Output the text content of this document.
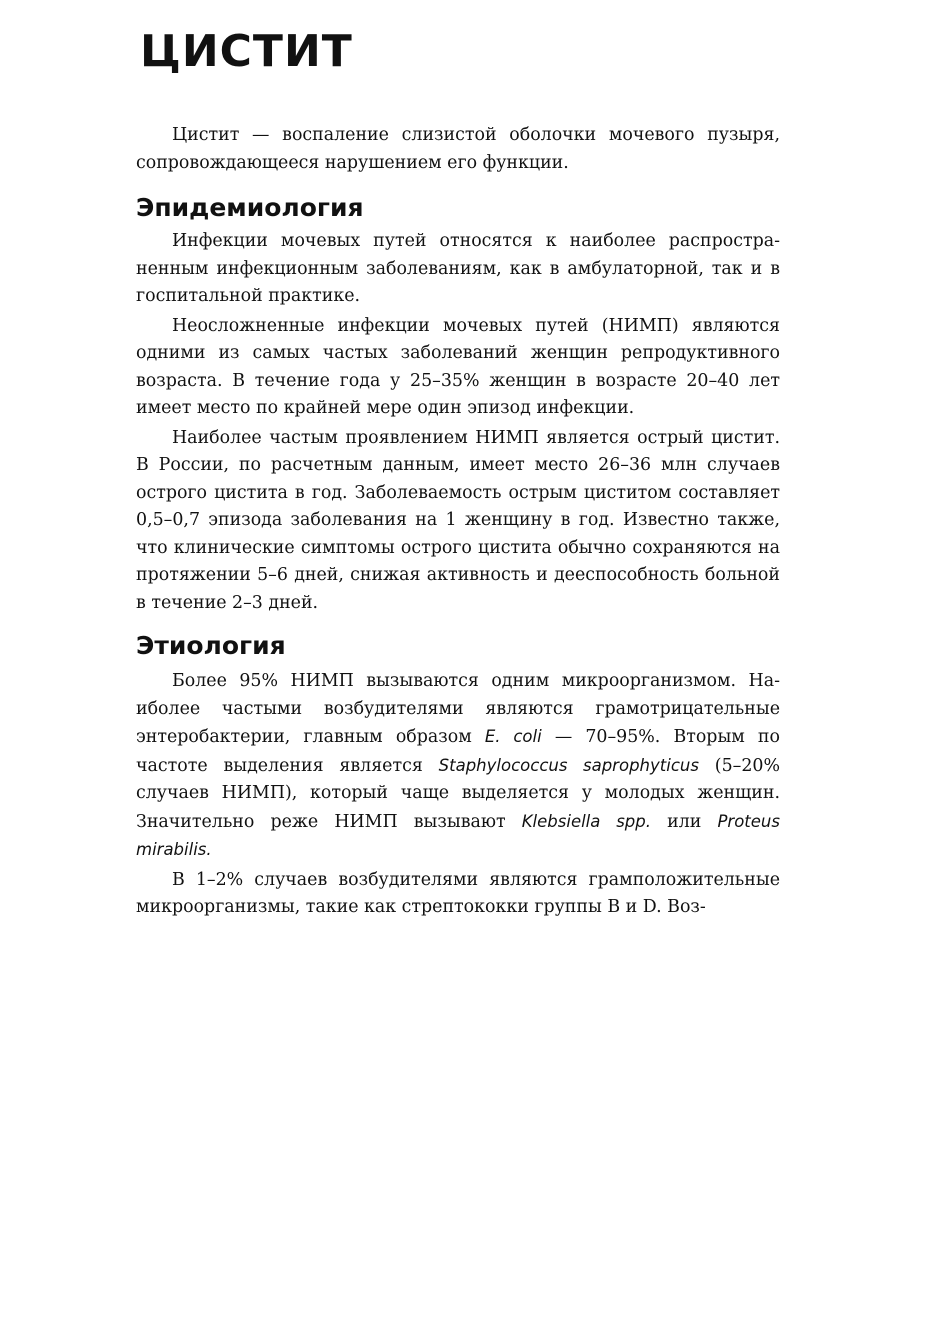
ЦИСТИТ

Цистит — воспаление слизистой оболочки мочевого пузыря, сопровождающееся нарушением его функции.

Эпидемиология

Инфекции мочевых путей относятся к наиболее распространенным инфекционным заболеваниям, как в амбулаторной, так и в госпитальной практике.

Неосложненные инфекции мочевых путей (НИМП) являются одними из самых частых заболеваний женщин репродуктивного возраста. В течение года у 25–35% женщин в возрасте 20–40 лет имеет место по крайней мере один эпизод инфекции.

Наиболее частым проявлением НИМП является острый цистит. В России, по расчетным данным, имеет место 26–36 млн случаев острого цистита в год. Заболеваемость острым циститом составляет 0,5–0,7 эпизода заболевания на 1 женщину в год. Известно также, что клинические симптомы острого цистита обычно сохраняются на протяжении 5–6 дней, снижая активность и дееспособность больной в течение 2–3 дней.

Этиология

Более 95% НИМП вызываются одним микроорганизмом. Наиболее частыми возбудителями являются грамотрицательные энтеробактерии, главным образом E. coli — 70–95%. Вторым по частоте выделения является Staphylococcus saprophyticus (5–20% случаев НИМП), который чаще выделяется у молодых женщин. Значительно реже НИМП вызывают Klebsiella spp. или Proteus mirabilis.

В 1–2% случаев возбудителями являются грамположительные микроорганизмы, такие как стрептококки группы B и D. Воз-
